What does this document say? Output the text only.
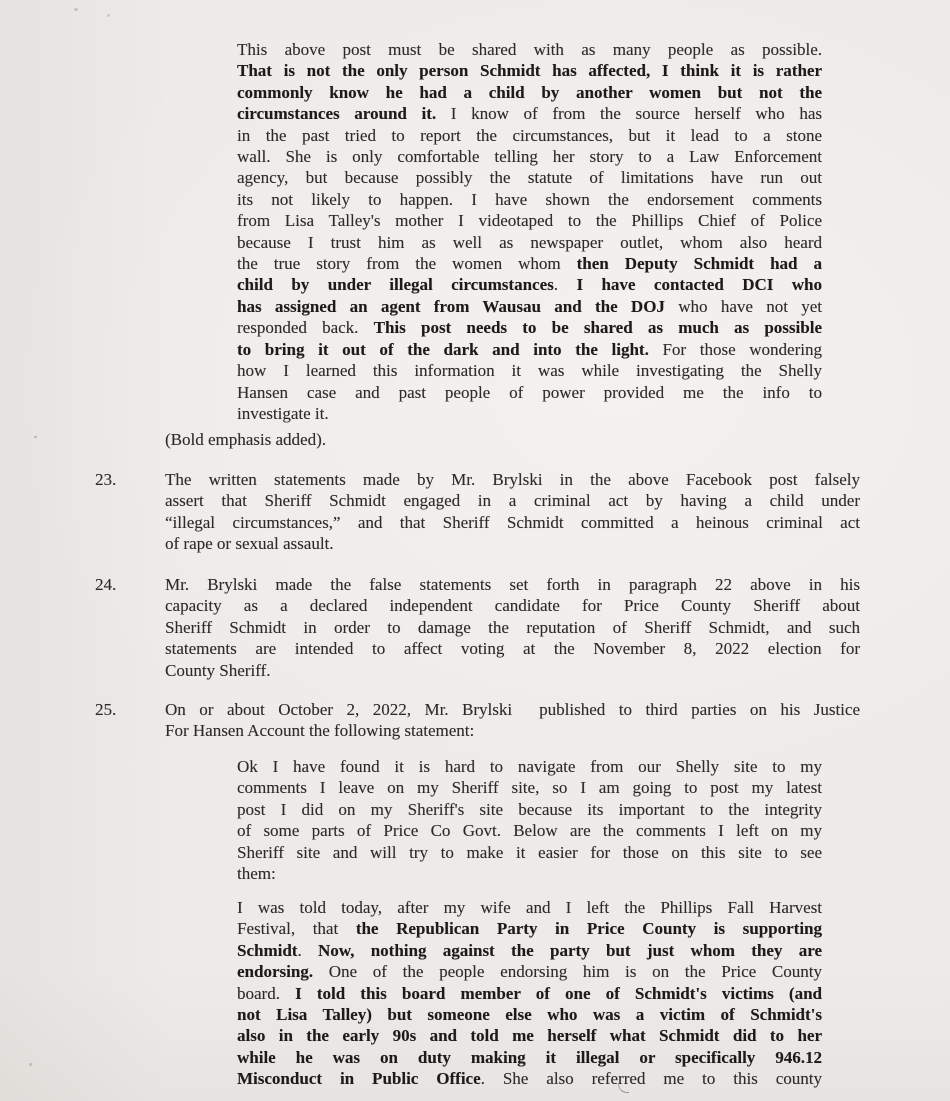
This above post must be shared with as many people as possible.
That is not the only person Schmidt has affected, I think it is rather
commonly know he had a child by another women but not the
circumstances around it. I know of from the source herself who has
in the past tried to report the circumstances, but it lead to a stone
wall. She is only comfortable telling her story to a Law Enforcement
agency, but because possibly the statute of limitations have run out
its not likely to happen. I have shown the endorsement comments
from Lisa Talley's mother I videotaped to the Phillips Chief of Police
because I trust him as well as newspaper outlet, whom also heard
the true story from the women whom then Deputy Schmidt had a
child by under illegal circumstances. I have contacted DCI who
has assigned an agent from Wausau and the DOJ who have not yet
responded back. This post needs to be shared as much as possible
to bring it out of the dark and into the light. For those wondering
how I learned this information it was while investigating the Shelly
Hansen case and past people of power provided me the info to
investigate it.
(Bold emphasis added).
23.	The written statements made by Mr. Brylski in the above Facebook post falsely
assert that Sheriff Schmidt engaged in a criminal act by having a child under
“illegal circumstances,” and that Sheriff Schmidt committed a heinous criminal act
of rape or sexual assault.
24.	Mr. Brylski made the false statements set forth in paragraph 22 above in his
capacity as a declared independent candidate for Price County Sheriff about
Sheriff Schmidt in order to damage the reputation of Sheriff Schmidt, and such
statements are intended to affect voting at the November 8, 2022 election for
County Sheriff.
25.	On or about October 2, 2022, Mr. Brylski  published to third parties on his Justice
For Hansen Account the following statement:
Ok I have found it is hard to navigate from our Shelly site to my
comments I leave on my Sheriff site, so I am going to post my latest
post I did on my Sheriff's site because its important to the integrity
of some parts of Price Co Govt. Below are the comments I left on my
Sheriff site and will try to make it easier for those on this site to see
them:
I was told today, after my wife and I left the Phillips Fall Harvest
Festival, that the Republican Party in Price County is supporting
Schmidt. Now, nothing against the party but just whom they are
endorsing. One of the people endorsing him is on the Price County
board. I told this board member of one of Schmidt's victims (and
not Lisa Talley) but someone else who was a victim of Schmidt's
also in the early 90s and told me herself what Schmidt did to her
while he was on duty making it illegal or specifically 946.12
Misconduct in Public Office. She also referred me to this county
